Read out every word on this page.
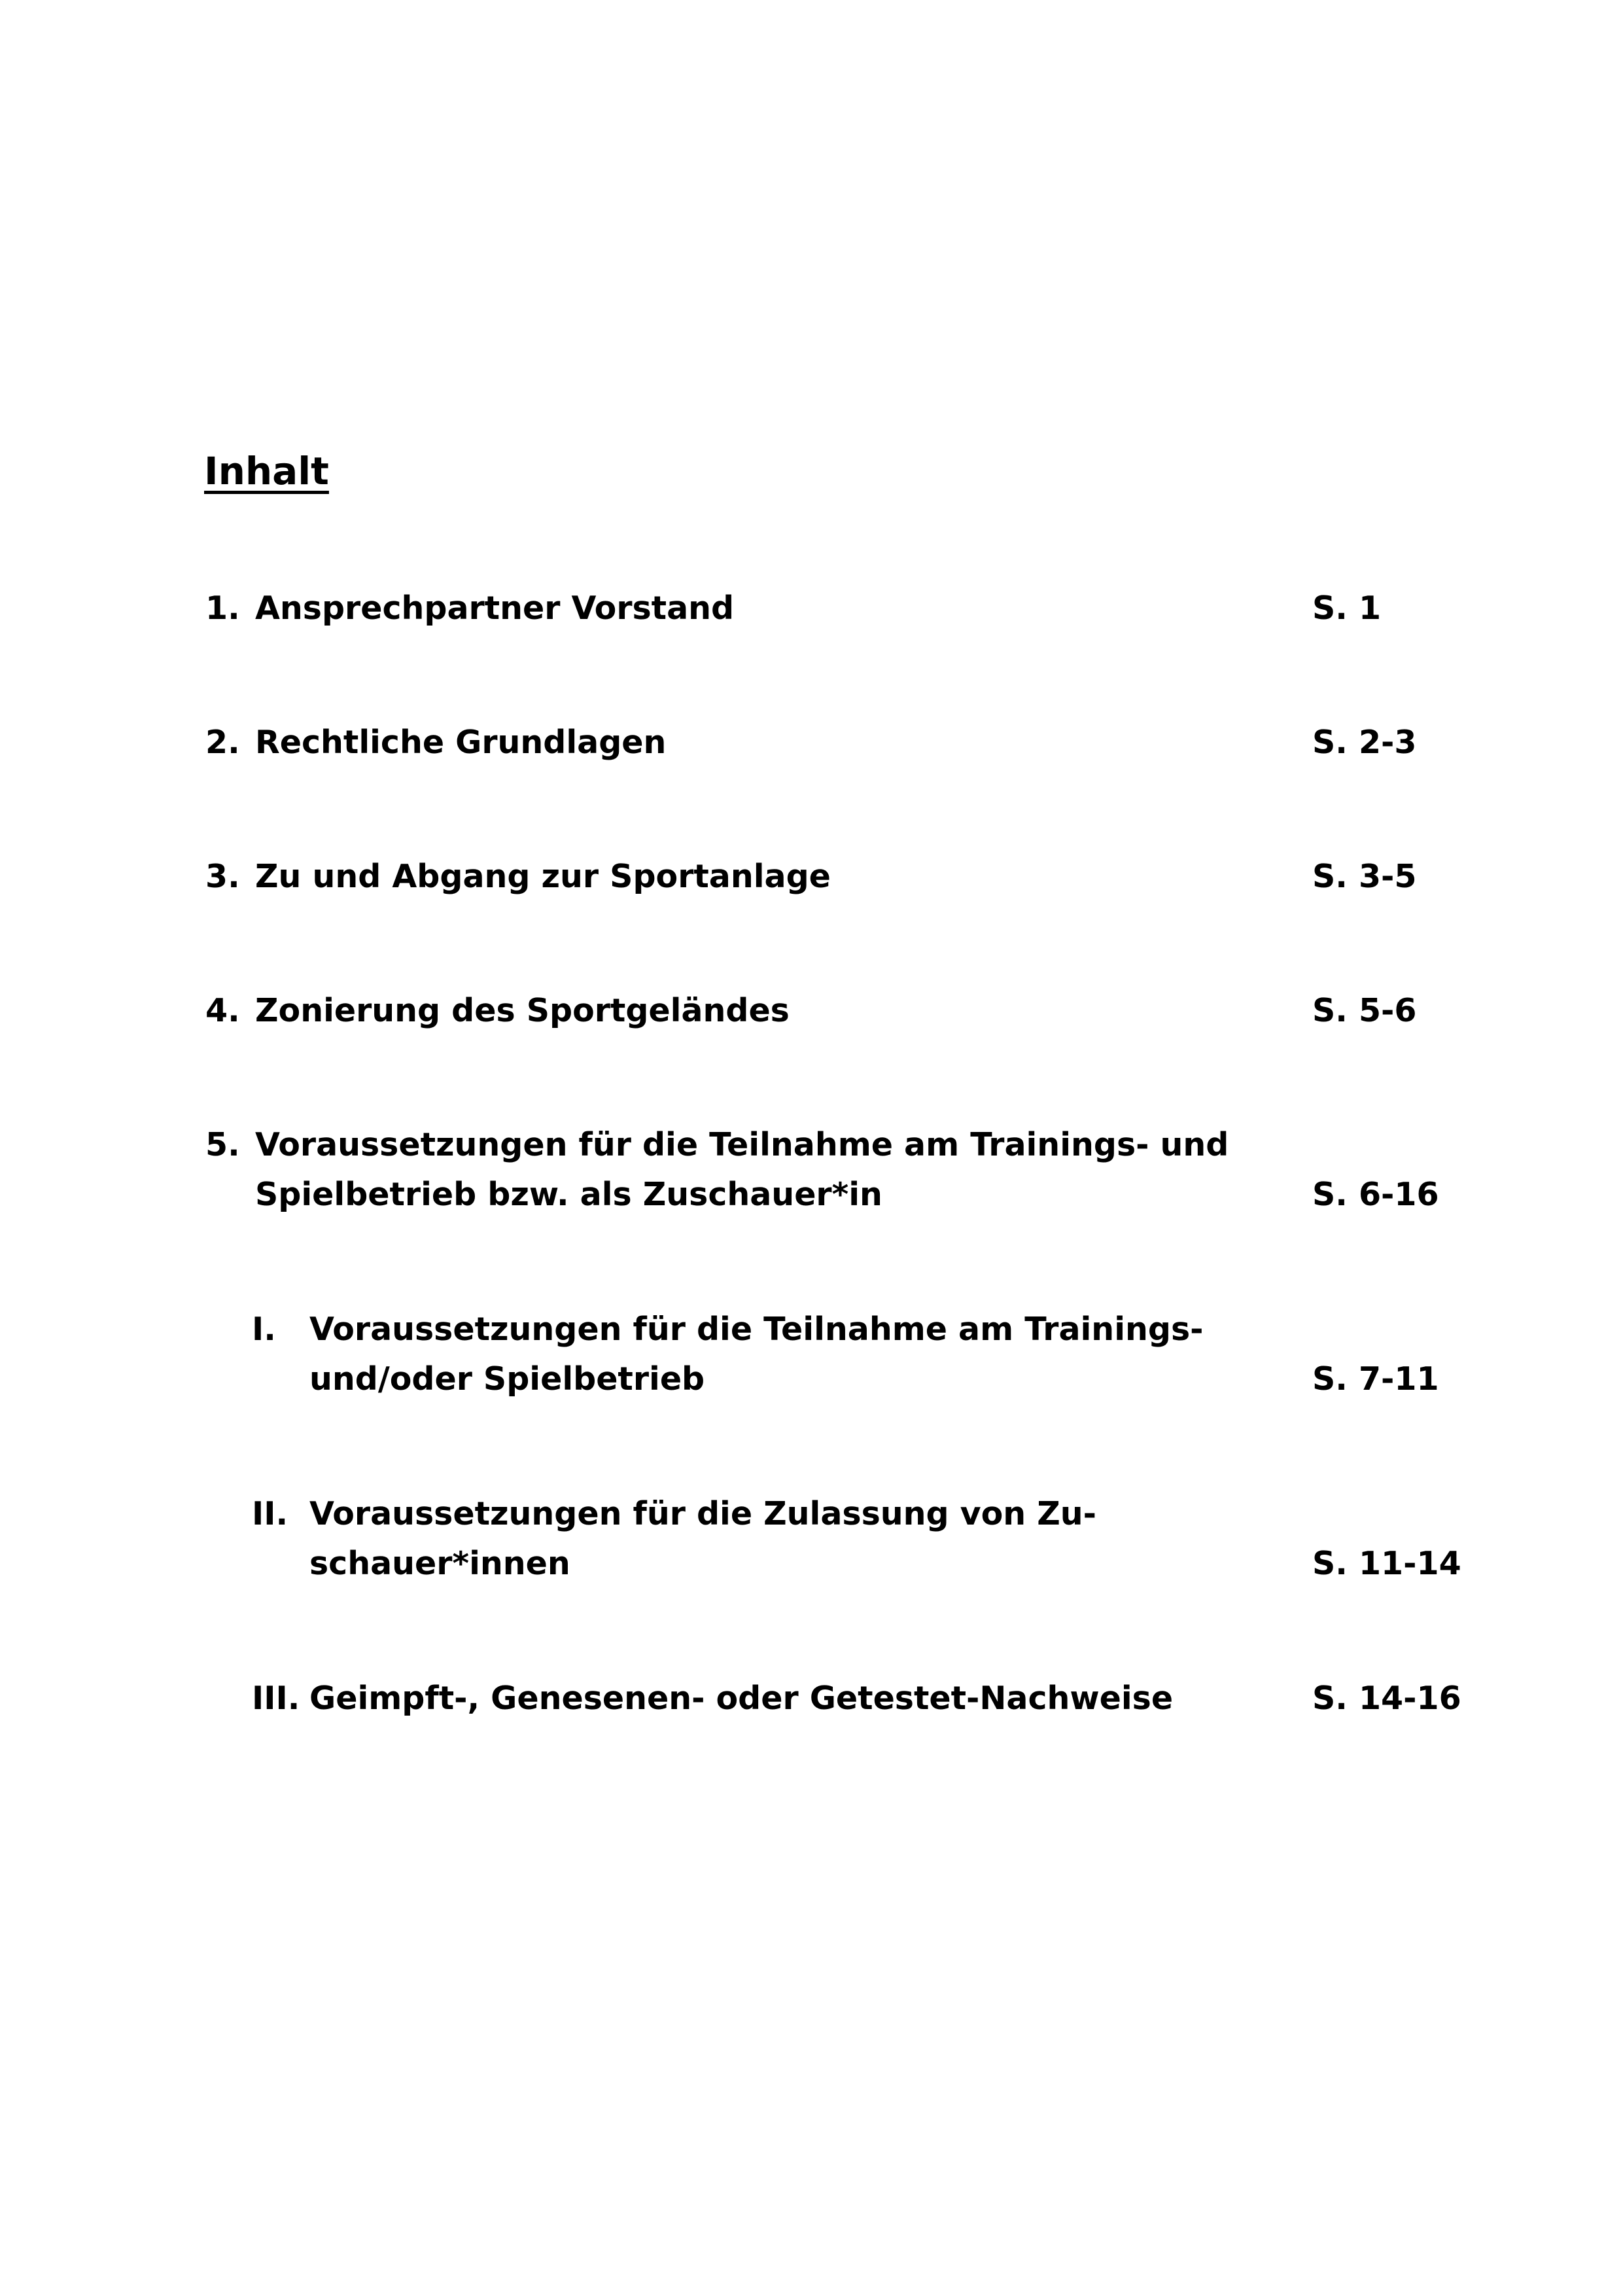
Inhalt
1. Ansprechpartner Vorstand	S. 1
2. Rechtliche Grundlagen	S. 2-3
3. Zu und Abgang zur Sportanlage	S. 3-5
4. Zonierung des Sportgeländes	S. 5-6
5. Voraussetzungen für die Teilnahme am Trainings- und
Spielbetrieb bzw. als Zuschauer*in	S. 6-16
I. Voraussetzungen für die Teilnahme am Trainings-
und/oder Spielbetrieb	S. 7-11
II. Voraussetzungen für die Zulassung von Zu-
schauer*innen	S. 11-14
III. Geimpft-, Genesenen- oder Getestet-Nachweise	S. 14-16
